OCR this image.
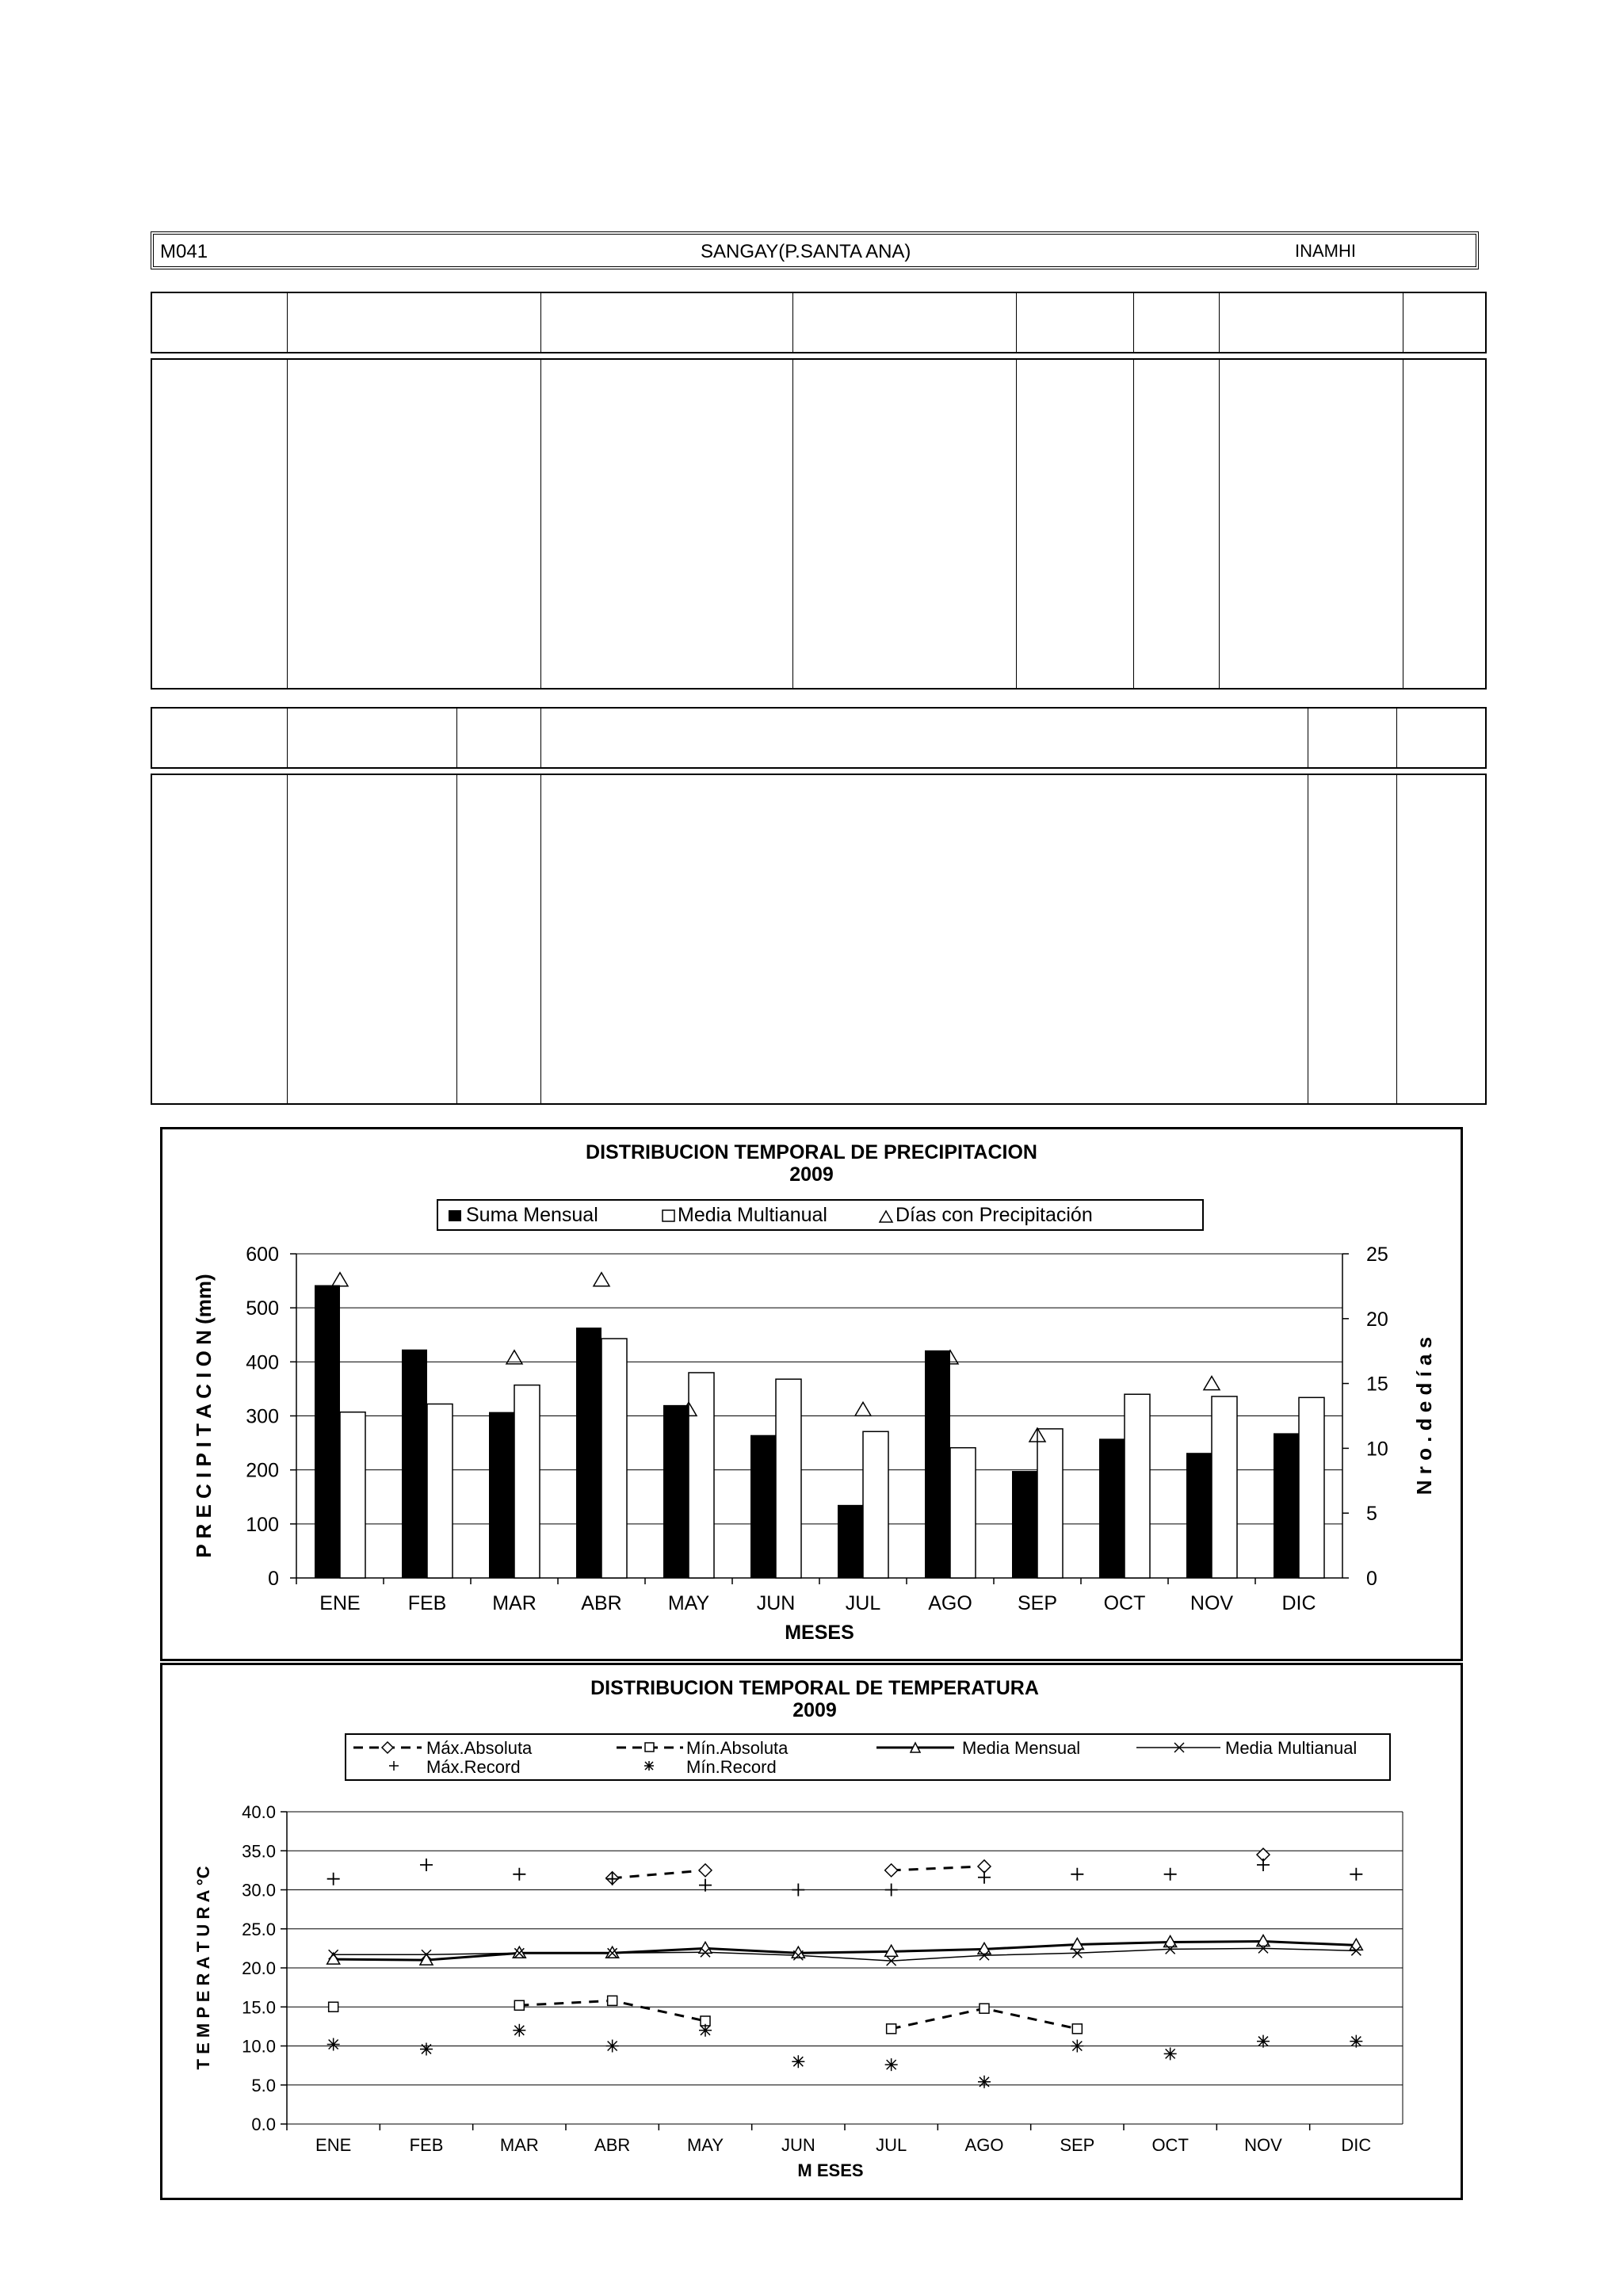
M041	SANGAY(P.SANTA ANA)	INAMHI
DISTRIBUCION TEMPORAL DE PRECIPITACION
2009
Suma Mensual	Media Multianual	Días con Precipitación
0
100
200
300
400
500
600
0
5
10
15
20
25
ENE FEB MAR ABR MAY JUN	JUL AGO SEP OCT NOV DIC
MESES
P R E C I P I T A C I O N (mm)	N r o . d e d í a s
DISTRIBUCION TEMPORAL DE TEMPERATURA
2009
Máx.Absoluta	Mín.Absoluta	Media Mensual	Media Multianual
Máx.Record	Mín.Record
0.0
5.0
10.0
15.0
20.0
25.0
30.0
35.0
40.0
ENE	FEB	MAR	ABR	MAY	JUN	JUL	AGO	SEP	OCT	NOV	DIC
M ESES
T E M P E R A T U R A °C
